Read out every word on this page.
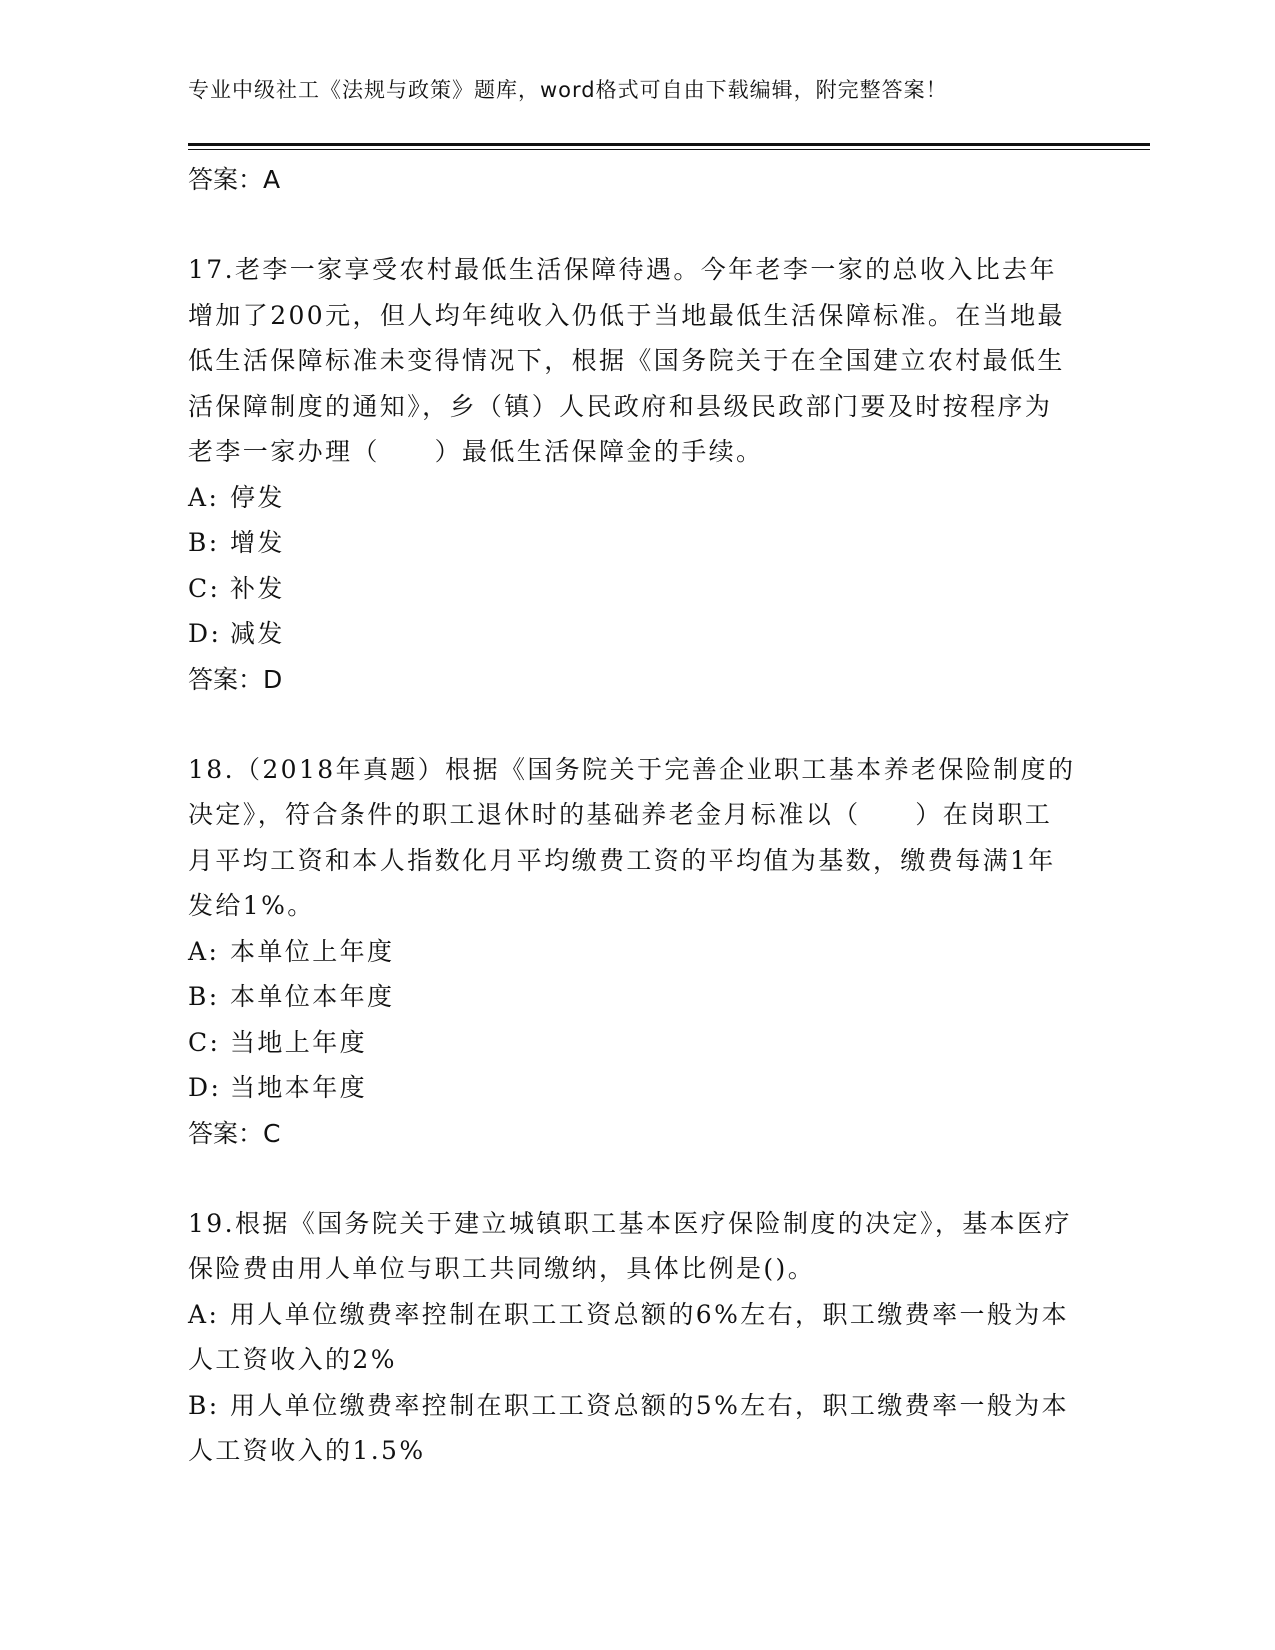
专业中级社工《法规与政策》题库，word格式可自由下载编辑，附完整答案！
答案：A

17.老李一家享受农村最低生活保障待遇。今年老李一家的总收入比去年增加了200元，但人均年纯收入仍低于当地最低生活保障标准。在当地最低生活保障标准未变得情况下，根据《国务院关于在全国建立农村最低生活保障制度的通知》，乡（镇）人民政府和县级民政部门要及时按程序为老李一家办理（　　）最低生活保障金的手续。

A: 停发
B: 增发
C: 补发
D: 减发
答案：D

18.（2018年真题）根据《国务院关于完善企业职工基本养老保险制度的决定》，符合条件的职工退休时的基础养老金月标准以（　　）在岗职工月平均工资和本人指数化月平均缴费工资的平均值为基数，缴费每满1年发给1%。

A: 本单位上年度
B: 本单位本年度
C: 当地上年度
D: 当地本年度
答案：C

19.根据《国务院关于建立城镇职工基本医疗保险制度的决定》，基本医疗保险费由用人单位与职工共同缴纳，具体比例是()。

A: 用人单位缴费率控制在职工工资总额的6%左右，职工缴费率一般为本人工资收入的2%
B: 用人单位缴费率控制在职工工资总额的5%左右，职工缴费率一般为本人工资收入的1.5%
